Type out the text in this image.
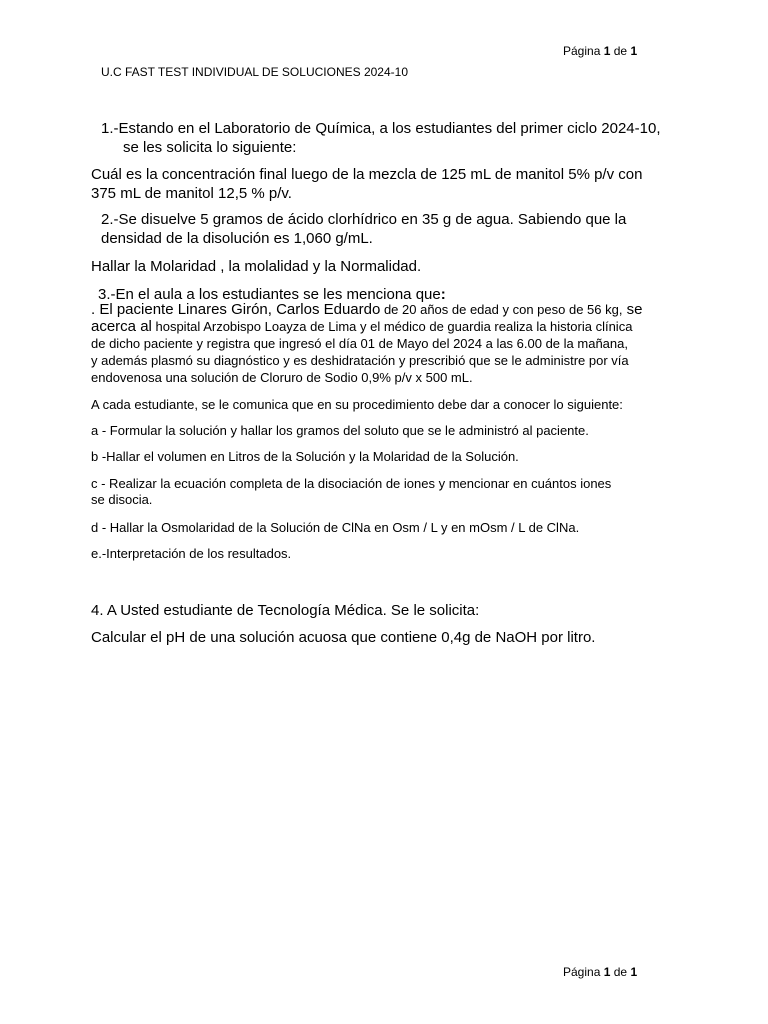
Página 1 de 1
U.C FAST TEST INDIVIDUAL DE SOLUCIONES 2024-10
1.-Estando en el Laboratorio de Química, a los estudiantes del primer ciclo 2024-10,
se les solicita lo siguiente:
Cuál es la concentración final luego de la mezcla de 125 mL de manitol 5% p/v con
375 mL de manitol 12,5 % p/v.
2.-Se disuelve 5 gramos de ácido clorhídrico en 35 g de agua. Sabiendo que la
densidad de la disolución es 1,060 g/mL.
Hallar la Molaridad , la molalidad y la Normalidad.
3.-En el aula a los estudiantes se les menciona que:
. El paciente Linares Girón, Carlos Eduardo de 20 años de edad y con peso de 56 kg, se
acerca al hospital Arzobispo Loayza de Lima y el médico de guardia realiza la historia clínica
de dicho paciente y registra que ingresó el día 01 de Mayo del 2024 a las 6.00 de la mañana,
y además plasmó su diagnóstico y es deshidratación y prescribió que se le administre por vía
endovenosa una solución de Cloruro de Sodio 0,9% p/v x 500 mL.
A cada estudiante, se le comunica que en su procedimiento debe dar a conocer lo siguiente:
a - Formular la solución y hallar los gramos del soluto que se le administró al paciente.
b -Hallar el volumen en Litros de la Solución y la Molaridad de la Solución.
c - Realizar la ecuación completa de la disociación de iones y mencionar en cuántos iones
se disocia.
d - Hallar la Osmolaridad de la Solución de ClNa en Osm / L y en mOsm / L de ClNa.
e.-Interpretación de los resultados.
4. A Usted estudiante de Tecnología Médica. Se le solicita:
Calcular el pH de una solución acuosa que contiene 0,4g de NaOH por litro.
Página 1 de 1
